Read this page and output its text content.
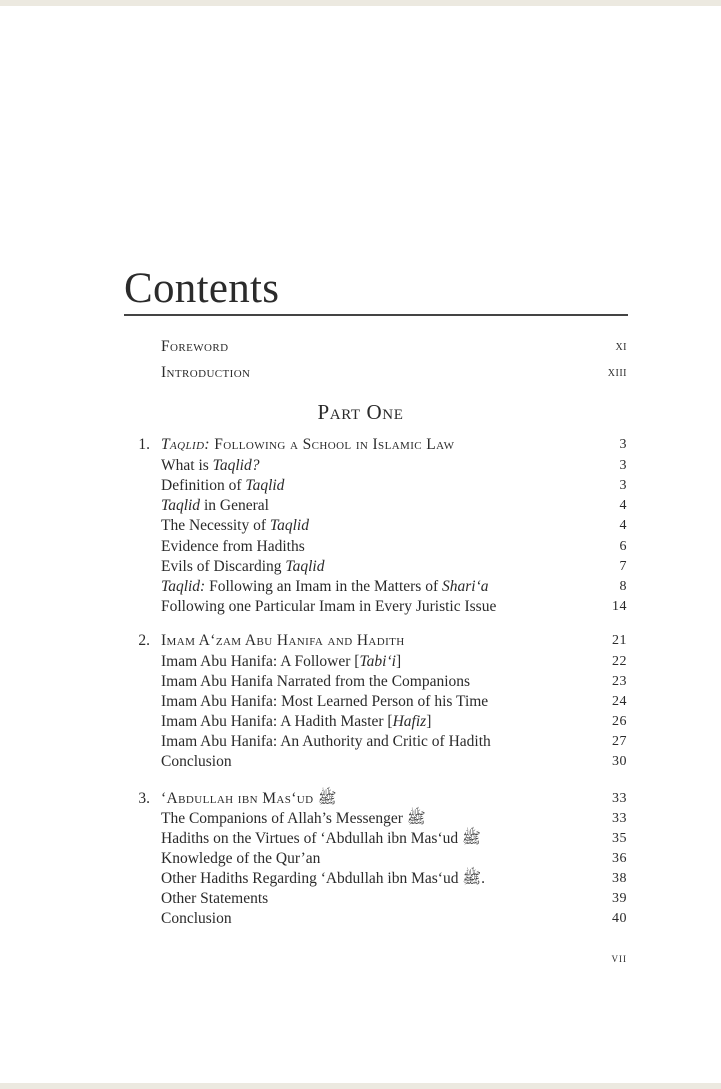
Contents
Foreword	xi
Introduction	xiii
Part One
1. Taqlid: Following a School in Islamic Law	3
What is Taqlid?	3
Definition of Taqlid	3
Taqlid in General	4
The Necessity of Taqlid	4
Evidence from Hadiths	6
Evils of Discarding Taqlid	7
Taqlid: Following an Imam in the Matters of Shari‘a	8
Following one Particular Imam in Every Juristic Issue	14
2. Imam A‘zam Abu Hanifa and Hadith	21
Imam Abu Hanifa: A Follower [Tabi‘i]	22
Imam Abu Hanifa Narrated from the Companions	23
Imam Abu Hanifa: Most Learned Person of his Time	24
Imam Abu Hanifa: A Hadith Master [Hafiz]	26
Imam Abu Hanifa: An Authority and Critic of Hadith	27
Conclusion	30
3. ‘Abdullah ibn Mas‘ud ﷺ	33
The Companions of Allah’s Messenger ﷺ	33
Hadiths on the Virtues of ‘Abdullah ibn Mas‘ud ﷺ	35
Knowledge of the Qur’an	36
Other Hadiths Regarding ‘Abdullah ibn Mas‘ud ﷺ.	38
Other Statements	39
Conclusion	40
vii
